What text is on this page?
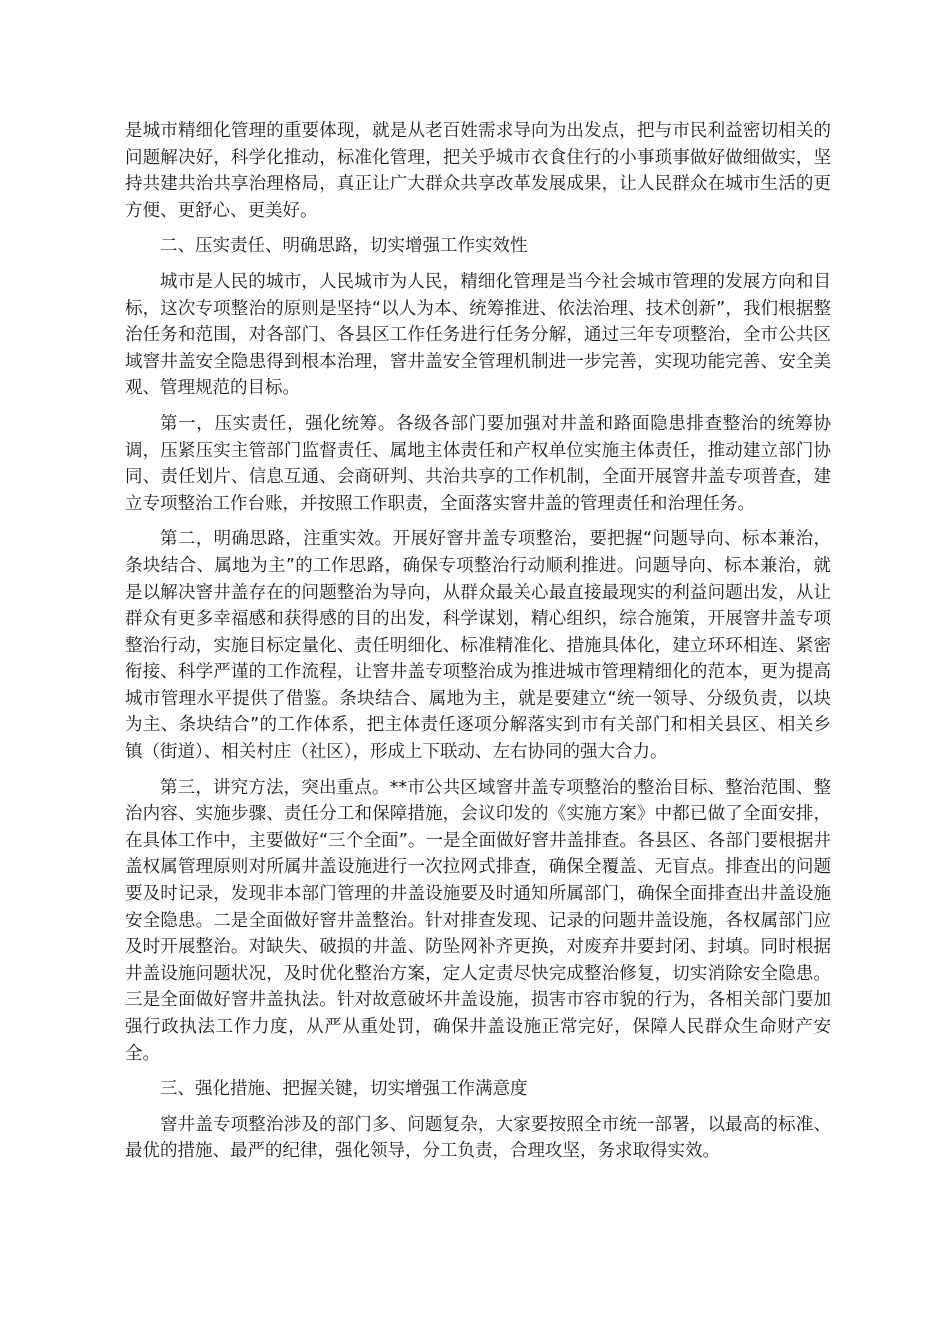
是城市精细化管理的重要体现，就是从老百姓需求导向为出发点，把与市民利益密切相关的问题解决好，科学化推动，标准化管理，把关乎城市衣食住行的小事琐事做好做细做实，坚持共建共治共享治理格局，真正让广大群众共享改革发展成果，让人民群众在城市生活的更方便、更舒心、更美好。

二、压实责任、明确思路，切实增强工作实效性

城市是人民的城市，人民城市为人民，精细化管理是当今社会城市管理的发展方向和目标，这次专项整治的原则是坚持“以人为本、统筹推进、依法治理、技术创新”，我们根据整治任务和范围，对各部门、各县区工作任务进行任务分解，通过三年专项整治，全市公共区域窨井盖安全隐患得到根本治理，窨井盖安全管理机制进一步完善，实现功能完善、安全美观、管理规范的目标。

第一，压实责任，强化统筹。各级各部门要加强对井盖和路面隐患排查整治的统筹协调，压紧压实主管部门监督责任、属地主体责任和产权单位实施主体责任，推动建立部门协同、责任划片、信息互通、会商研判、共治共享的工作机制，全面开展窨井盖专项普查，建立专项整治工作台账，并按照工作职责，全面落实窨井盖的管理责任和治理任务。

第二，明确思路，注重实效。开展好窨井盖专项整治，要把握“问题导向、标本兼治，条块结合、属地为主”的工作思路，确保专项整治行动顺利推进。问题导向、标本兼治，就是以解决窨井盖存在的问题整治为导向，从群众最关心最直接最现实的利益问题出发，从让群众有更多幸福感和获得感的目的出发，科学谋划，精心组织，综合施策，开展窨井盖专项整治行动，实施目标定量化、责任明细化、标准精准化、措施具体化，建立环环相连、紧密衔接、科学严谨的工作流程，让窨井盖专项整治成为推进城市管理精细化的范本，更为提高城市管理水平提供了借鉴。条块结合、属地为主，就是要建立“统一领导、分级负责，以块为主、条块结合”的工作体系，把主体责任逐项分解落实到市有关部门和相关县区、相关乡镇（街道）、相关村庄（社区），形成上下联动、左右协同的强大合力。

第三，讲究方法，突出重点。**市公共区域窨井盖专项整治的整治目标、整治范围、整治内容、实施步骤、责任分工和保障措施，会议印发的《实施方案》中都已做了全面安排，在具体工作中，主要做好“三个全面”。一是全面做好窨井盖排查。各县区、各部门要根据井盖权属管理原则对所属井盖设施进行一次拉网式排查，确保全覆盖、无盲点。排查出的问题要及时记录，发现非本部门管理的井盖设施要及时通知所属部门，确保全面排查出井盖设施安全隐患。二是全面做好窨井盖整治。针对排查发现、记录的问题井盖设施，各权属部门应及时开展整治。对缺失、破损的井盖、防坠网补齐更换，对废弃井要封闭、封填。同时根据井盖设施问题状况，及时优化整治方案，定人定责尽快完成整治修复，切实消除安全隐患。三是全面做好窨井盖执法。针对故意破坏井盖设施，损害市容市貌的行为，各相关部门要加强行政执法工作力度，从严从重处罚，确保井盖设施正常完好，保障人民群众生命财产安全。

三、强化措施、把握关键，切实增强工作满意度

窨井盖专项整治涉及的部门多、问题复杂，大家要按照全市统一部署，以最高的标准、最优的措施、最严的纪律，强化领导，分工负责，合理攻坚，务求取得实效。
